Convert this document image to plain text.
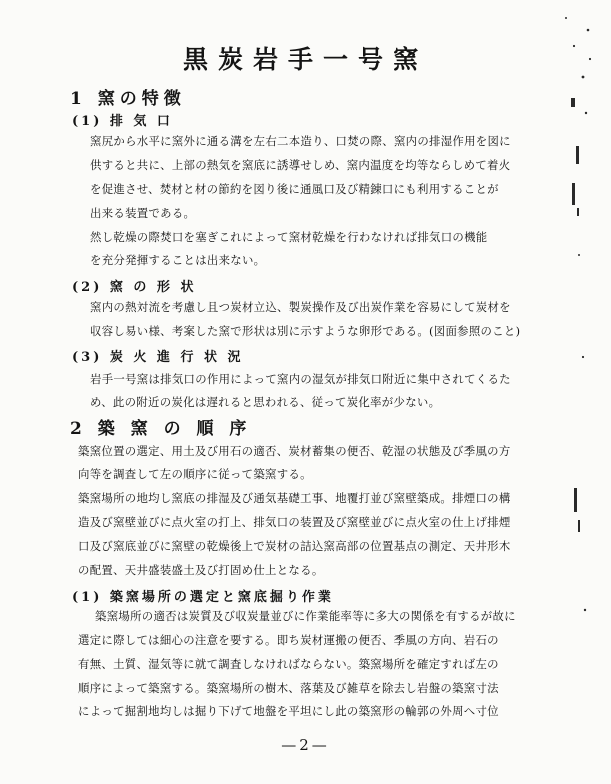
黒炭岩手一号窯
1 窯の特徴
(1) 排 気 口
窯尻から水平に窯外に通る溝を左右二本造り、口焚の際、窯内の排湿作用を図に
供すると共に、上部の熱気を窯底に誘導せしめ、窯内温度を均等ならしめて着火
を促進させ、焚材と材の節約を図り後に通風口及び精錬口にも利用することが
出来る装置である。
然し乾燥の際焚口を塞ぎこれによって窯材乾燥を行わなければ排気口の機能
を充分発揮することは出来ない。
(2) 窯 の 形 状
窯内の熱対流を考慮し且つ炭材立込、製炭操作及び出炭作業を容易にして炭材を
収容し易い様、考案した窯で形状は別に示すような卵形である。(図面参照のこと)
(3) 炭 火 進 行 状 況
岩手一号窯は排気口の作用によって窯内の湿気が排気口附近に集中されてくるた
め、此の附近の炭化は遅れると思われる、従って炭化率が少ない。
2 築 窯 の 順 序
築窯位置の選定、用土及び用石の適否、炭材蓄集の便否、乾湿の状態及び季風の方
向等を調査して左の順序に従って築窯する。
築窯場所の地均し窯底の排湿及び通気基礎工事、地覆打並び窯壁築成。排煙口の構
造及び窯壁並びに点火室の打上、排気口の装置及び窯壁並びに点火室の仕上げ排煙
口及び窯底並びに窯壁の乾燥後上で炭材の詰込窯高部の位置基点の測定、天井形木
の配置、天井盛装盛土及び打固め仕上となる。
(1) 築窯場所の選定と窯底掘り作業
築窯場所の適否は炭質及び収炭量並びに作業能率等に多大の関係を有するが故に
選定に際しては細心の注意を要する。即ち炭材運搬の便否、季風の方向、岩石の
有無、土質、湿気等に就て調査しなければならない。築窯場所を確定すれば左の
順序によって築窯する。築窯場所の樹木、落葉及び雑草を除去し岩盤の築窯寸法
によって掘割地均しは掘り下げて地盤を平坦にし此の築窯形の輪郭の外周へ寸位
—2—
